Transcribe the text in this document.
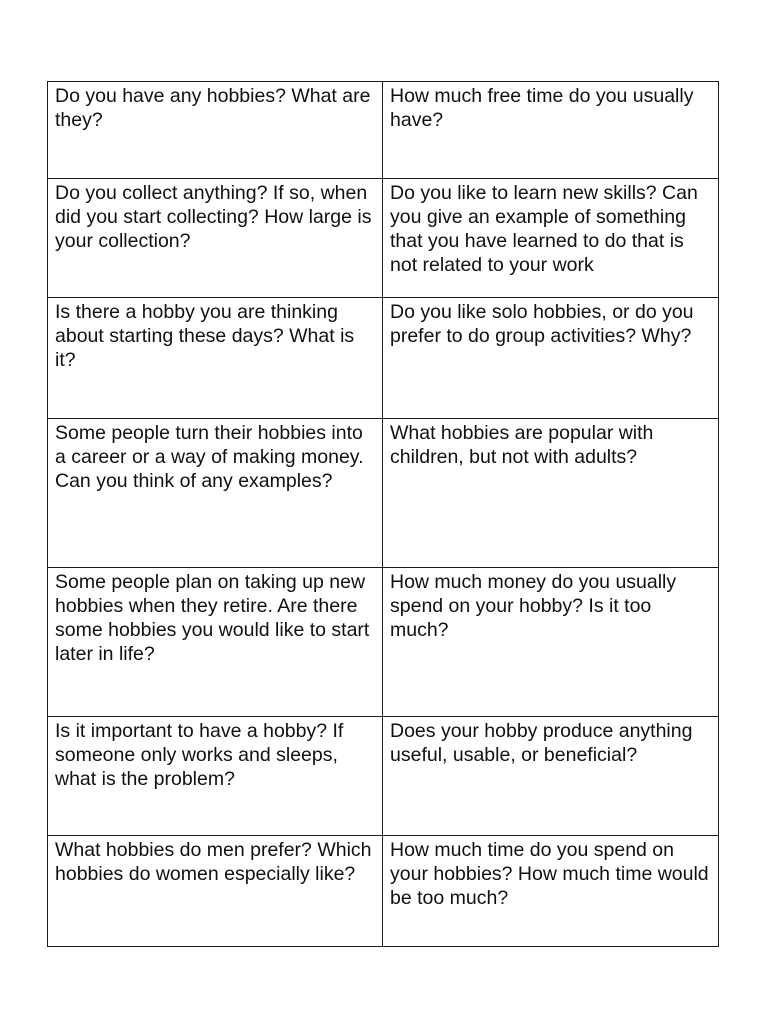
Do you have any hobbies? What are they?	How much free time do you usually have?
Do you collect anything? If so, when did you start collecting? How large is your collection?	Do you like to learn new skills? Can you give an example of something that you have learned to do that is not related to your work
Is there a hobby you are thinking about starting these days? What is it?	Do you like solo hobbies, or do you prefer to do group activities? Why?
Some people turn their hobbies into a career or a way of making money. Can you think of any examples?	What hobbies are popular with children, but not with adults?
Some people plan on taking up new hobbies when they retire. Are there some hobbies you would like to start later in life?	How much money do you usually spend on your hobby? Is it too much?
Is it important to have a hobby? If someone only works and sleeps, what is the problem?	Does your hobby produce anything useful, usable, or beneficial?
What hobbies do men prefer? Which hobbies do women especially like?	How much time do you spend on your hobbies? How much time would be too much?
